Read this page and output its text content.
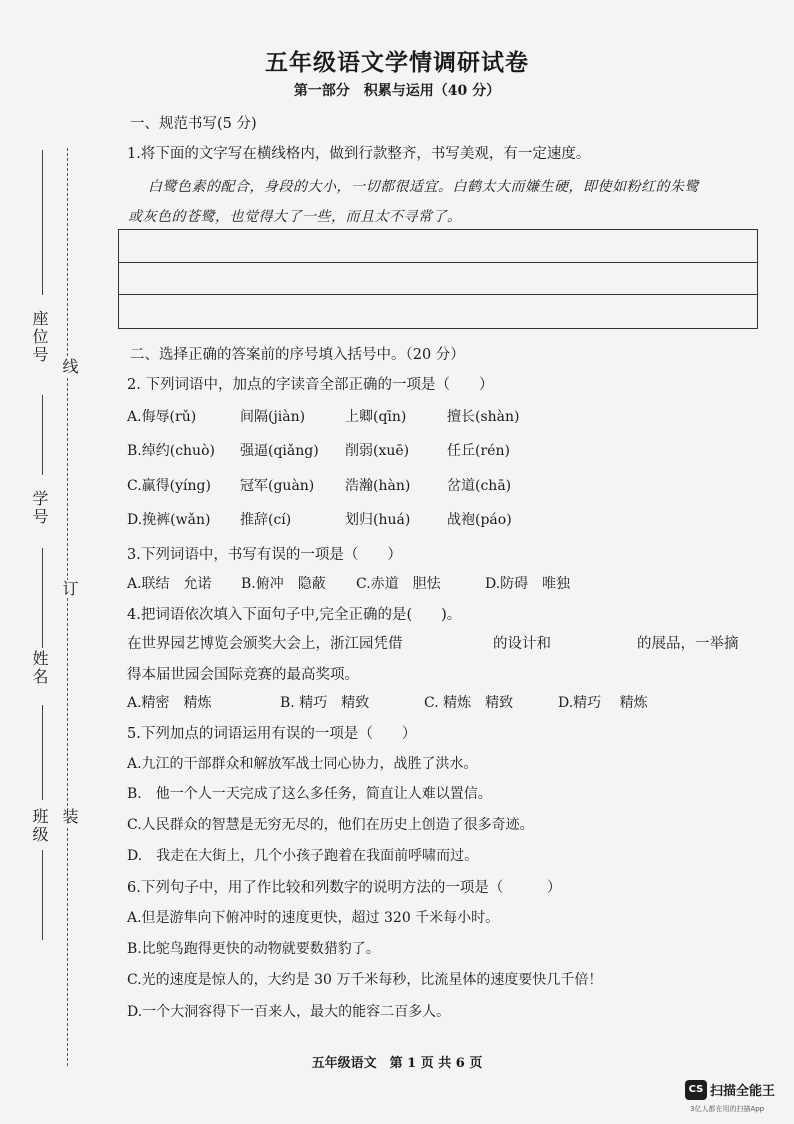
五年级语文学情调研试卷
第一部分　积累与运用（40 分）
座位号
学号
姓名
班级
线
订
装
一、规范书写(5 分)
1.将下面的文字写在横线格内，做到行款整齐，书写美观，有一定速度。
白鹭色素的配合，身段的大小，一切都很适宜。白鹤太大而嫌生硬，即使如粉红的朱鹭
或灰色的苍鹭，也觉得大了一些，而且太不寻常了。
二、选择正确的答案前的序号填入括号中。（20 分）
2. 下列词语中，加点的字读音全部正确的一项是（　　）
A.侮辱(rǔ)	间隔(jiàn)	上卿(qīn)	擅长(shàn)
B.绰约(chuò) 强逼(qiǎng) 削弱(xuē)	任丘(rén)
C.赢得(yíng) 冠军(guàn) 浩瀚(hàn)	岔道(chā)
D.挽裤(wǎn) 推辞(cí)	划归(huá)	战袍(páo)
3.下列词语中，书写有误的一项是（　　）
A.联结　允诺 B.俯冲　隐蔽 C.赤道　胆怯	D.防碍　唯独
4.把词语依次填入下面句子中,完全正确的是(　　)。
在世界园艺博览会颁奖大会上，浙江园凭借	的设计和	的展品，一举摘
得本届世园会国际竞赛的最高奖项。
A.精密　精炼	B. 精巧　精致	C. 精炼　精致	D.精巧　 精炼
5.下列加点的词语运用有误的一项是（　　）
A.九江的干部群众和解放军战士同心协力，战胜了洪水。
B.　他一个人一天完成了这么多任务，简直让人难以置信。
C.人民群众的智慧是无穷无尽的，他们在历史上创造了很多奇迹。
D.　我走在大街上，几个小孩子跑着在我面前呼啸而过。
6.下列句子中，用了作比较和列数字的说明方法的一项是（　　　）
A.但是游隼向下俯冲时的速度更快，超过 320 千米每小时。
B.比鸵鸟跑得更快的动物就要数猎豹了。
C.光的速度是惊人的，大约是 30 万千米每秒，比流星体的速度要快几千倍！
D.一个大洞容得下一百来人，最大的能容二百多人。
五年级语文　第 1 页 共 6 页
CS 扫描全能王
3亿人都在用的扫描App
